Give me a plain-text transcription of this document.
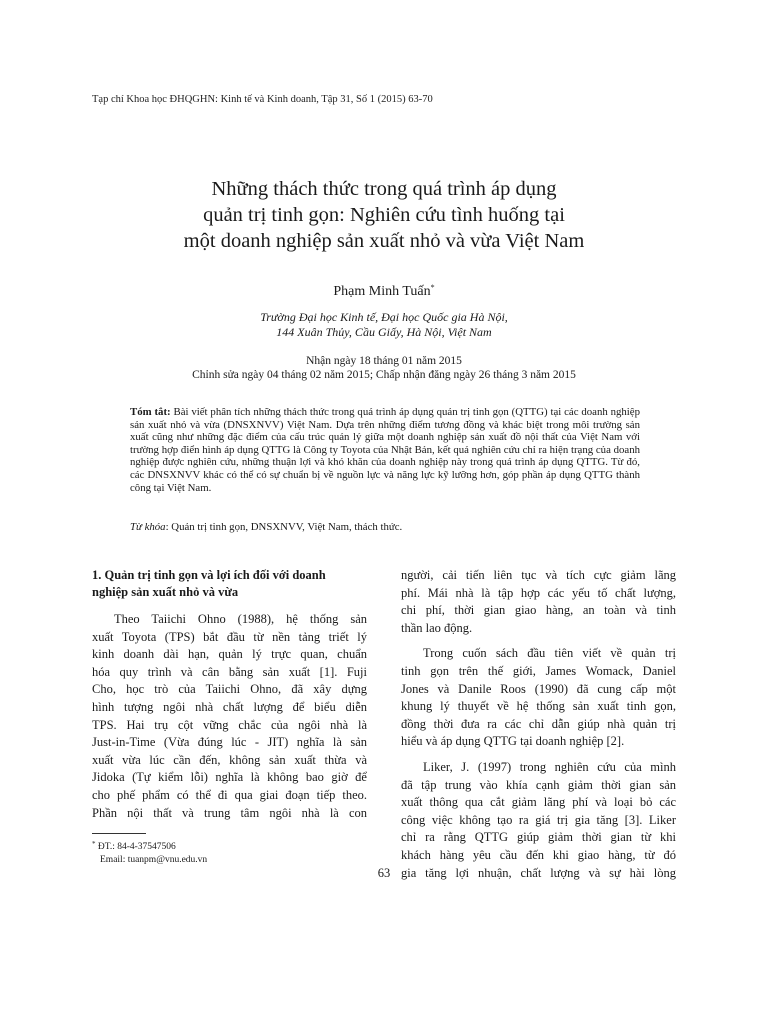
Tạp chí Khoa học ĐHQGHN: Kinh tế và Kinh doanh, Tập 31, Số 1 (2015) 63-70
Những thách thức trong quá trình áp dụng
quản trị tinh gọn: Nghiên cứu tình huống tại
một doanh nghiệp sản xuất nhỏ và vừa Việt Nam
Phạm Minh Tuấn*
Trường Đại học Kinh tế, Đại học Quốc gia Hà Nội,
144 Xuân Thủy, Cầu Giấy, Hà Nội, Việt Nam
Nhận ngày 18 tháng 01 năm 2015
Chỉnh sửa ngày 04 tháng 02 năm 2015; Chấp nhận đăng ngày 26 tháng 3 năm 2015
Tóm tắt: Bài viết phân tích những thách thức trong quá trình áp dụng quản trị tinh gọn (QTTG) tại các doanh nghiệp sản xuất nhỏ và vừa (DNSXNVV) Việt Nam. Dựa trên những điểm tương đồng và khác biệt trong môi trường sản xuất cũng như những đặc điểm của cấu trúc quản lý giữa một doanh nghiệp sản xuất đồ nội thất của Việt Nam với trường hợp điển hình áp dụng QTTG là Công ty Toyota của Nhật Bản, kết quả nghiên cứu chỉ ra hiện trạng của doanh nghiệp được nghiên cứu, những thuận lợi và khó khăn của doanh nghiệp này trong quá trình áp dụng QTTG. Từ đó, các DNSXNVV khác có thể có sự chuẩn bị về nguồn lực và năng lực kỹ lưỡng hơn, góp phần áp dụng QTTG thành công tại Việt Nam.
Từ khóa: Quản trị tinh gọn, DNSXNVV, Việt Nam, thách thức.
1. Quản trị tinh gọn và lợi ích đối với doanh
nghiệp sản xuất nhỏ và vừa
Theo Taiichi Ohno (1988), hệ thống sản
xuất Toyota (TPS) bắt đầu từ nền tảng triết lý
kinh doanh dài hạn, quản lý trực quan, chuẩn
hóa quy trình và cân bằng sản xuất [1]. Fuji
Cho, học trò của Taiichi Ohno, đã xây dựng
hình tượng ngôi nhà chất lượng để biểu diễn
TPS. Hai trụ cột vững chắc của ngôi nhà là
Just-in-Time (Vừa đúng lúc - JIT) nghĩa là sản
xuất vừa lúc cần đến, không sản xuất thừa và
Jidoka (Tự kiểm lỗi) nghĩa là không bao giờ để
cho phế phẩm có thể đi qua giai đoạn tiếp theo.
Phần nội thất và trung tâm ngôi nhà là con
người, cải tiến liên tục và tích cực giảm lãng
phí. Mái nhà là tập hợp các yếu tố chất lượng,
chi phí, thời gian giao hàng, an toàn và tinh
thần lao động.
Trong cuốn sách đầu tiên viết về quản trị
tinh gọn trên thế giới, James Womack, Daniel
Jones và Danile Roos (1990) đã cung cấp một
khung lý thuyết về hệ thống sản xuất tinh gọn,
đồng thời đưa ra các chỉ dẫn giúp nhà quản trị
hiểu và áp dụng QTTG tại doanh nghiệp [2].
Liker, J. (1997) trong nghiên cứu của mình
đã tập trung vào khía cạnh giảm thời gian sản
xuất thông qua cắt giảm lãng phí và loại bỏ các
công việc không tạo ra giá trị gia tăng [3]. Liker
chỉ ra rằng QTTG giúp giảm thời gian từ khi
khách hàng yêu cầu đến khi giao hàng, từ đó
gia tăng lợi nhuận, chất lượng và sự hài lòng
* ĐT.: 84-4-37547506
Email: tuanpm@vnu.edu.vn
63
